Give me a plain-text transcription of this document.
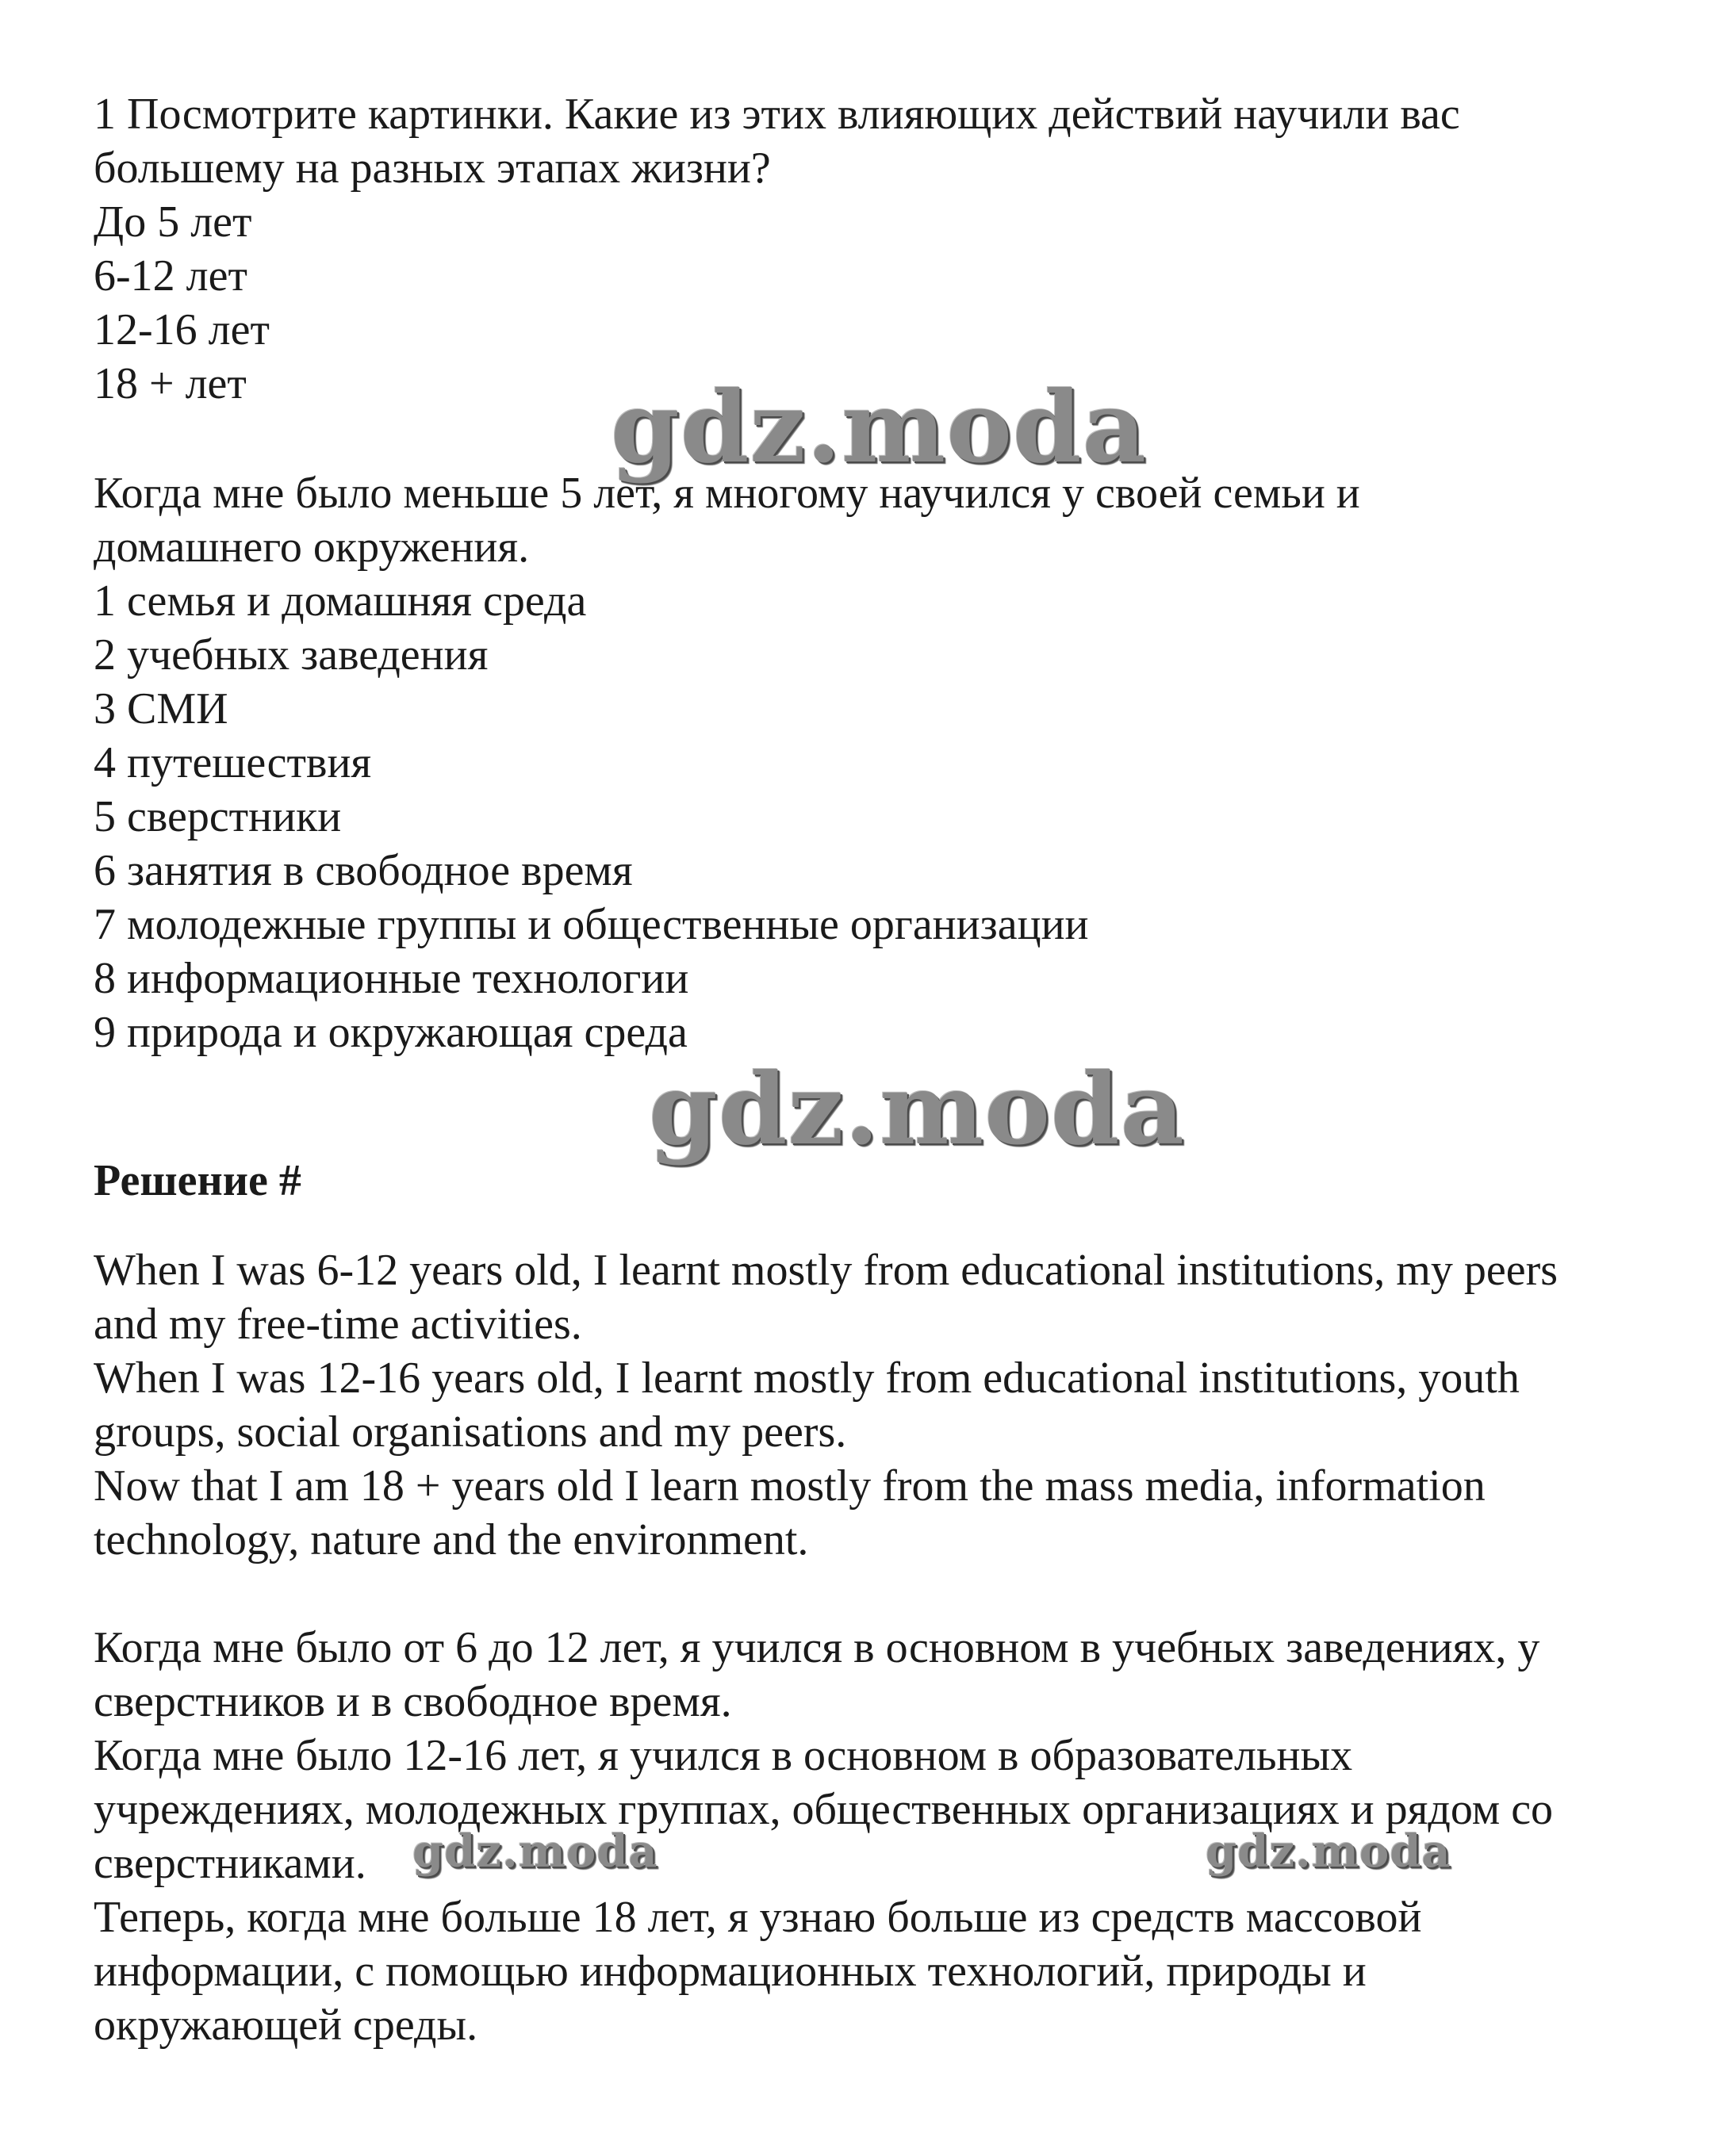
1 Посмотрите картинки. Какие из этих влияющих действий научили вас
большему на разных этапах жизни?
До 5 лет
6-12 лет
12-16 лет
18 + лет	gdz.moda
Когда мне было меньше 5 лет, я многому научился у своей семьи и
домашнего окружения.
1 семья и домашняя среда
2 учебных заведения
3 СМИ
4 путешествия
5 сверстники
6 занятия в свободное время
7 молодежные группы и общественные организации
8 информационные технологии
9 природа и окружающая среда
gdz.moda
Решение #
When I was 6-12 years old, I learnt mostly from educational institutions, my peers
and my free-time activities.
When I was 12-16 years old, I learnt mostly from educational institutions, youth
groups, social organisations and my peers.
Now that I am 18 + years old I learn mostly from the mass media, information
technology, nature and the environment.
Когда мне было от 6 до 12 лет, я учился в основном в учебных заведениях, у
сверстников и в свободное время.
Когда мне было 12-16 лет, я учился в основном в образовательных
учреждениях, молодежных группах, общественных организациях и рядом со
сверстниками. gdz.moda	gdz.moda
Теперь, когда мне больше 18 лет, я узнаю больше из средств массовой
информации, с помощью информационных технологий, природы и
окружающей среды.
